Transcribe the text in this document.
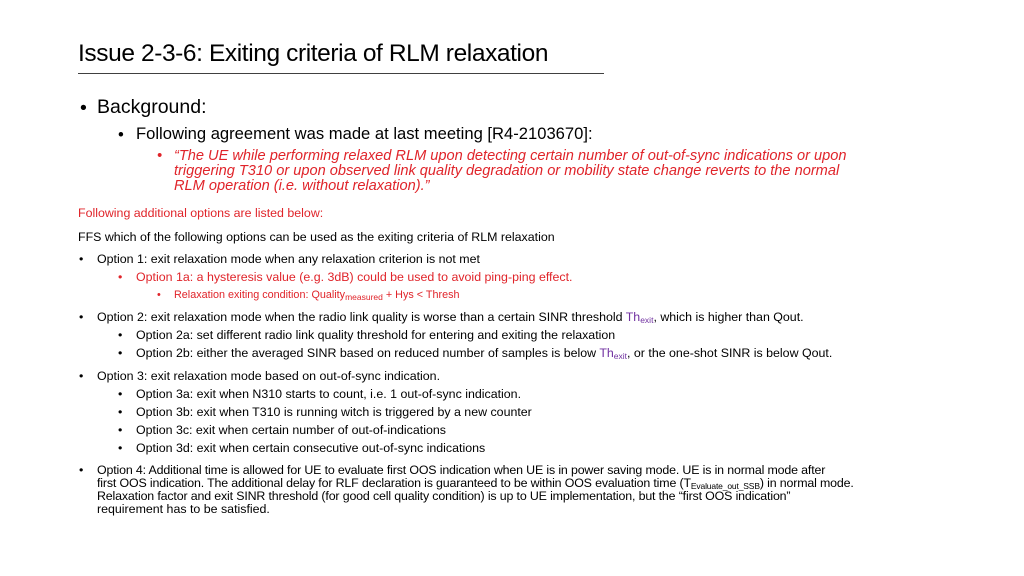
Issue 2-3-6: Exiting criteria of RLM relaxation
• Background:
• Following agreement was made at last meeting [R4-2103670]:
• “The UE while performing relaxed RLM upon detecting certain number of out-of-sync indications or upon
triggering T310 or upon observed link quality degradation or mobility state change reverts to the normal
RLM operation (i.e. without relaxation).”
Following additional options are listed below:
FFS which of the following options can be used as the exiting criteria of RLM relaxation
• Option 1: exit relaxation mode when any relaxation criterion is not met
• Option 1a: a hysteresis value (e.g. 3dB) could be used to avoid ping-ping effect.
• Relaxation exiting condition: Quality$_{measured}$ + Hys < Thresh
• Option 2: exit relaxation mode when the radio link quality is worse than a certain SINR threshold $Th_{exit}$, which is higher than Qout.
• Option 2a: set different radio link quality threshold for entering and exiting the relaxation
• Option 2b: either the averaged SINR based on reduced number of samples is below $Th_{exit}$, or the one-shot SINR is below Qout.
• Option 3: exit relaxation mode based on out-of-sync indication.
• Option 3a: exit when N310 starts to count, i.e. 1 out-of-sync indication.
• Option 3b: exit when T310 is running witch is triggered by a new counter
• Option 3c: exit when certain number of out-of-indications
• Option 3d: exit when certain consecutive out-of-sync indications
• Option 4: Additional time is allowed for UE to evaluate first OOS indication when UE is in power saving mode. UE is in normal mode after
first OOS indication. The additional delay for RLF declaration is guaranteed to be within OOS evaluation time $(T_{Evaluate\_out\_SSB})$ in normal mode.
Relaxation factor and exit SINR threshold (for good cell quality condition) is up to UE implementation, but the “first OOS indication”
requirement has to be satisfied.
